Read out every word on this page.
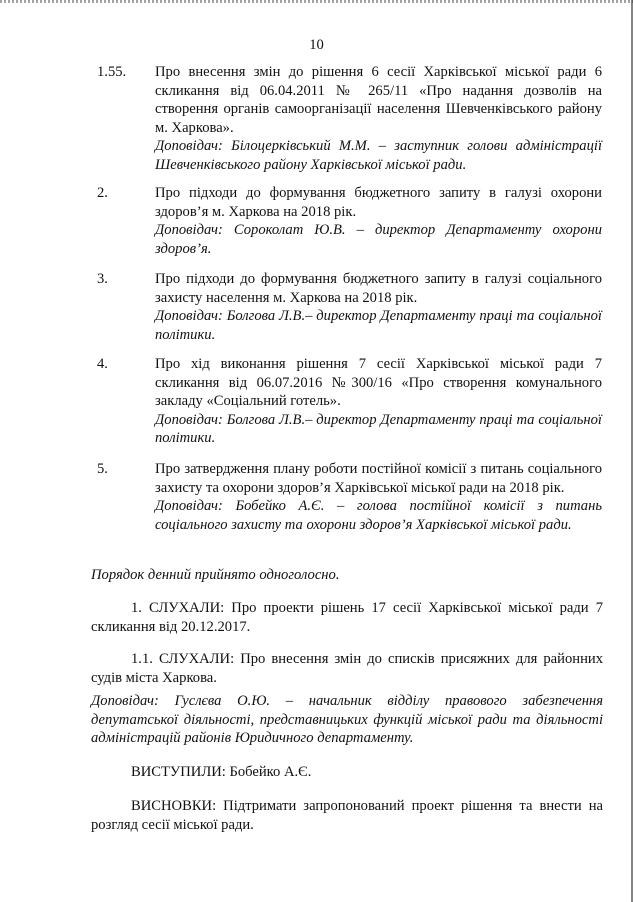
10
1.55. Про внесення змін до рішення 6 сесії Харківської міської ради 6 скликання від 06.04.2011 № 265/11 «Про надання дозволів на створення органів самоорганізації населення Шевченківського району м. Харкова».

Доповідач: Білоцерківський М.М. – заступник голови адміністрації Шевченківського району Харківської міської ради.

2.	Про підходи до формування бюджетного запиту в галузі охорони здоров’я м. Харкова на 2018 рік.

Доповідач: Сороколат Ю.В. – директор Департаменту охорони здоров’я.

3.	Про підходи до формування бюджетного запиту в галузі соціального захисту населення м. Харкова на 2018 рік.

Доповідач: Болгова Л.В.– директор Департаменту праці та соціальної політики.

4.	Про хід виконання рішення 7 сесії Харківської міської ради 7 скликання від 06.07.2016 №300/16 «Про створення комунального закладу «Соціальний готель».

Доповідач: Болгова Л.В.– директор Департаменту праці та соціальної політики.

5.	Про затвердження плану роботи постійної комісії з питань соціального захисту та охорони здоров’я Харківської міської ради на 2018 рік.

Доповідач: Бобейко А.Є. – голова постійної комісії з питань соціального захисту та охорони здоров’я Харківської міської ради.

Порядок денний прийнято одноголосно.

1. СЛУХАЛИ: Про проекти рішень 17 сесії Харківської міської ради 7 скликання від 20.12.2017.

1.1. СЛУХАЛИ: Про внесення змін до списків присяжних для районних судів міста Харкова.

Доповідач: Гуслєва О.Ю. – начальник відділу правового забезпечення депутатської діяльності, представницьких функцій міської ради та діяльності адміністрацій районів Юридичного департаменту.

ВИСТУПИЛИ: Бобейко А.Є.

ВИСНОВКИ: Підтримати запропонований проект рішення та внести на розгляд сесії міської ради.
